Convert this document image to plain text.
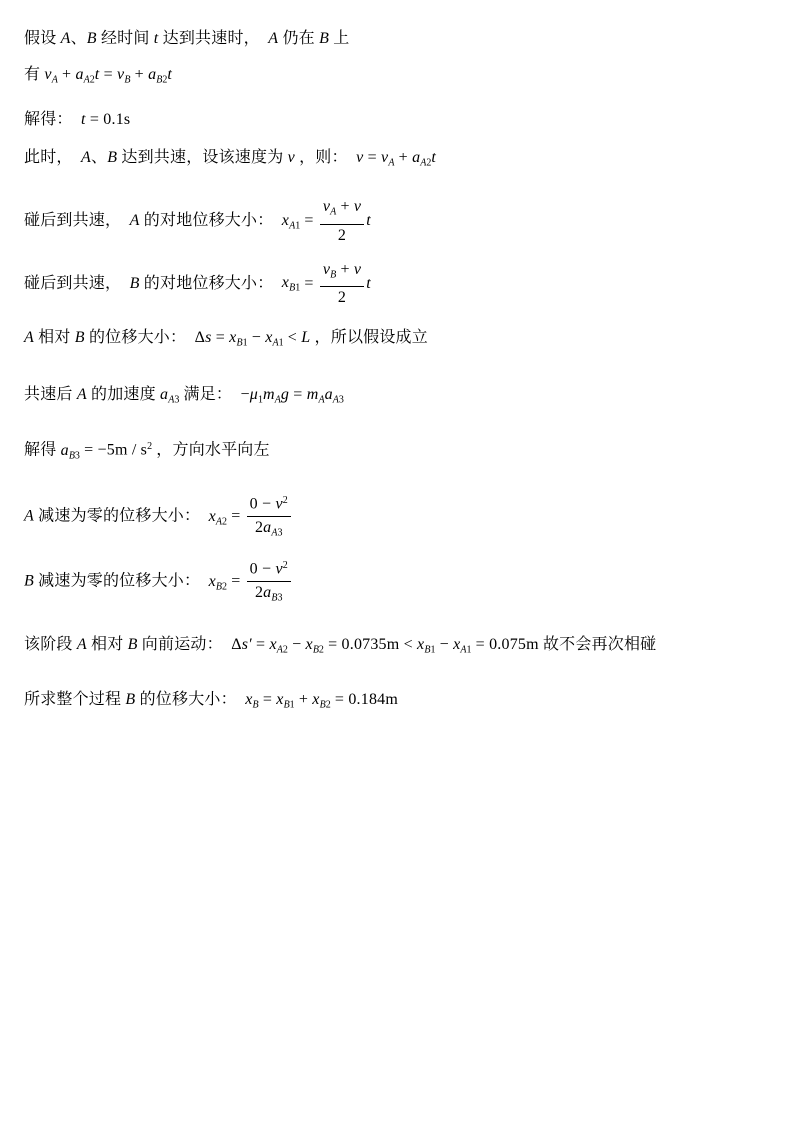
假设 A、B 经时间 t 达到共速时，  A 仍在 B 上
有 $v_A + a_{A2}t = v_B + a_{B2}t$
解得：  t = 0.1s
此时，  A、B 达到共速，设该速度为 v ，则：  $v = v_A + a_{A2}t$
碰后到共速，  A 的对地位移大小：  $x_{A1} = \frac{v_A + v}{2}$ t
碰后到共速，  B 的对地位移大小：  $x_{B1} = \frac{v_B + v}{2}$ t
A 相对 B 的位移大小：  $\Delta s = x_{B1} - x_{A1} < L$ ，所以假设成立
共速后 A 的加速度 $a_{A3}$ 满足：  $-\mu_1m_Ag = m_Aa_{A3}$
解得 $a_{B3} = -5m / s^2$ ，方向水平向左
A 减速为零的位移大小：  $x_{A2} = \frac{0 - v^2}{2a_{A3}}$
B 减速为零的位移大小：  $x_{B2} = \frac{0 - v^2}{2a_{B3}}$
该阶段 A 相对 B 向前运动：  $\Delta s' = x_{A2} - x_{B2} = 0.0735m < x_{B1} - x_{A1} = 0.075m$ 故不会再次相碰
所求整个过程 B 的位移大小：  $x_B = x_{B1} + x_{B2} = 0.184m$
